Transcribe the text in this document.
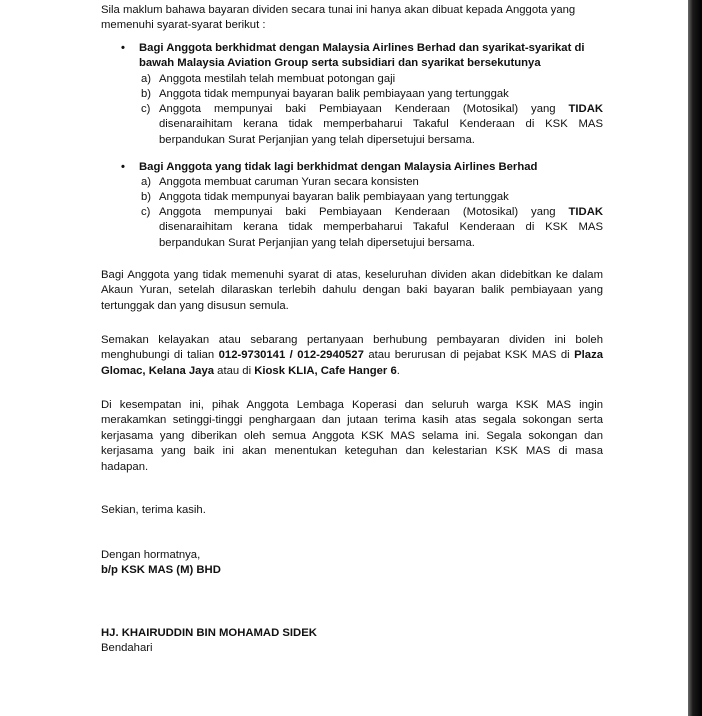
Sila maklum bahawa bayaran dividen secara tunai ini hanya akan dibuat kepada Anggota yang
memenuhi syarat-syarat berikut :
• Bagi Anggota berkhidmat dengan Malaysia Airlines Berhad dan syarikat-syarikat di
bawah Malaysia Aviation Group serta subsidiari dan syarikat bersekutunya
a) Anggota mestilah telah membuat potongan gaji
b) Anggota tidak mempunyai bayaran balik pembiayaan yang tertunggak
c) Anggota mempunyai baki Pembiayaan Kenderaan (Motosikal) yang TIDAK
disenaraihitam kerana tidak memperbaharui Takaful Kenderaan di KSK MAS
berpandukan Surat Perjanjian yang telah dipersetujui bersama.
• Bagi Anggota yang tidak lagi berkhidmat dengan Malaysia Airlines Berhad
a) Anggota membuat caruman Yuran secara konsisten
b) Anggota tidak mempunyai bayaran balik pembiayaan yang tertunggak
c) Anggota mempunyai baki Pembiayaan Kenderaan (Motosikal) yang TIDAK
disenaraihitam kerana tidak memperbaharui Takaful Kenderaan di KSK MAS
berpandukan Surat Perjanjian yang telah dipersetujui bersama.
Bagi Anggota yang tidak memenuhi syarat di atas, keseluruhan dividen akan didebitkan ke dalam
Akaun Yuran, setelah dilaraskan terlebih dahulu dengan baki bayaran balik pembiayaan yang
tertunggak dan yang disusun semula.
Semakan kelayakan atau sebarang pertanyaan berhubung pembayaran dividen ini boleh
menghubungi di talian 012-9730141 / 012-2940527 atau berurusan di pejabat KSK MAS di Plaza
Glomac, Kelana Jaya atau di Kiosk KLIA, Cafe Hanger 6.
Di kesempatan ini, pihak Anggota Lembaga Koperasi dan seluruh warga KSK MAS ingin
merakamkan setinggi-tinggi penghargaan dan jutaan terima kasih atas segala sokongan serta
kerjasama yang diberikan oleh semua Anggota KSK MAS selama ini. Segala sokongan dan
kerjasama yang baik ini akan menentukan keteguhan dan kelestarian KSK MAS di masa
hadapan.
Sekian, terima kasih.
Dengan hormatnya,
b/p KSK MAS (M) BHD
HJ. KHAIRUDDIN BIN MOHAMAD SIDEK
Bendahari
